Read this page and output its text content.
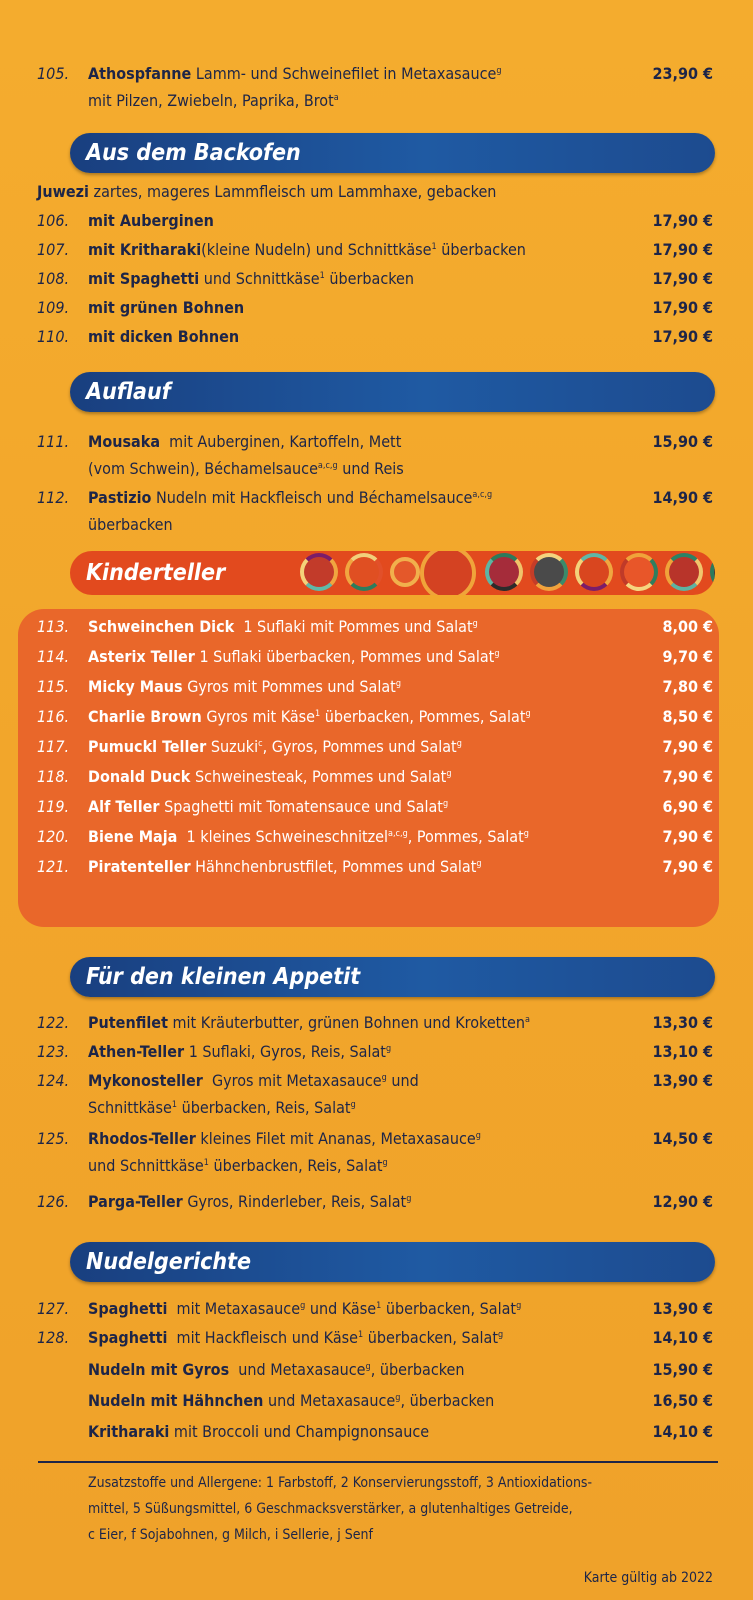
105. Athospfanne Lamm- und Schweinefilet in Metaxasauce$^g$	23,90 €
mit Pilzen, Zwiebeln, Paprika, Brot$^a$
Aus dem Backofen
Juwezi zartes, mageres Lammfleisch um Lammhaxe, gebacken
106. mit Auberginen	17,90 €
107. mit Kritharaki(kleine Nudeln) und Schnittkäse$^1$ überbacken	17,90 €
108. mit Spaghetti und Schnittkäse$^1$ überbacken	17,90 €
109. mit grünen Bohnen	17,90 €
110. mit dicken Bohnen	17,90 €
Auflauf
111. Mousaka mit Auberginen, Kartoffeln, Mett	15,90 €
(vom Schwein), Béchamelsauce$^{a,c,g}$ und Reis
112. Pastizio Nudeln mit Hackfleisch und Béchamelsauce$^{a,c,g}$	14,90 €
überbacken
Kinderteller
113. Schweinchen Dick 1 Suflaki mit Pommes und Salat$^g$	8,00 €
114. Asterix Teller 1 Suflaki überbacken, Pommes und Salat$^g$	9,70 €
115. Micky Maus Gyros mit Pommes und Salat$^g$	7,80 €
116. Charlie Brown Gyros mit Käse$^1$ überbacken, Pommes, Salat$^g$	8,50 €
117. Pumuckl Teller Suzuki$^c$, Gyros, Pommes und Salat$^g$	7,90 €
118. Donald Duck Schweinesteak, Pommes und Salat$^g$	7,90 €
119. Alf Teller Spaghetti mit Tomatensauce und Salat$^g$	6,90 €
120. Biene Maja 1 kleines Schweineschnitzel$^{a,c,g}$, Pommes, Salat$^g$	7,90 €
121. Piratenteller Hähnchenbrustfilet, Pommes und Salat$^g$	7,90 €
Für den kleinen Appetit
122. Putenfilet mit Kräuterbutter, grünen Bohnen und Kroketten$^a$	13,30 €
123. Athen-Teller 1 Suflaki, Gyros, Reis, Salat$^g$	13,10 €
124. Mykonosteller Gyros mit Metaxasauce$^g$ und	13,90 €
Schnittkäse$^1$ überbacken, Reis, Salat$^g$
125. Rhodos-Teller kleines Filet mit Ananas, Metaxasauce$^g$	14,50 €
und Schnittkäse$^1$ überbacken, Reis, Salat$^g$
126. Parga-Teller Gyros, Rinderleber, Reis, Salat$^g$	12,90 €
Nudelgerichte
127. Spaghetti mit Metaxasauce$^g$ und Käse$^1$ überbacken, Salat$^g$	13,90 €
128. Spaghetti mit Hackfleisch und Käse$^1$ überbacken, Salat$^g$	14,10 €
Nudeln mit Gyros und Metaxasauce$^g$, überbacken	15,90 €
Nudeln mit Hähnchen und Metaxasauce$^g$, überbacken	16,50 €
Kritharaki mit Broccoli und Champignonsauce	14,10 €
Zusatzstoffe und Allergene: 1 Farbstoff, 2 Konservierungsstoff, 3 Antioxidations-
mittel, 5 Süßungsmittel, 6 Geschmacksverstärker, a glutenhaltiges Getreide,
c Eier, f Sojabohnen, g Milch, i Sellerie, j Senf
Karte gültig ab 2022
